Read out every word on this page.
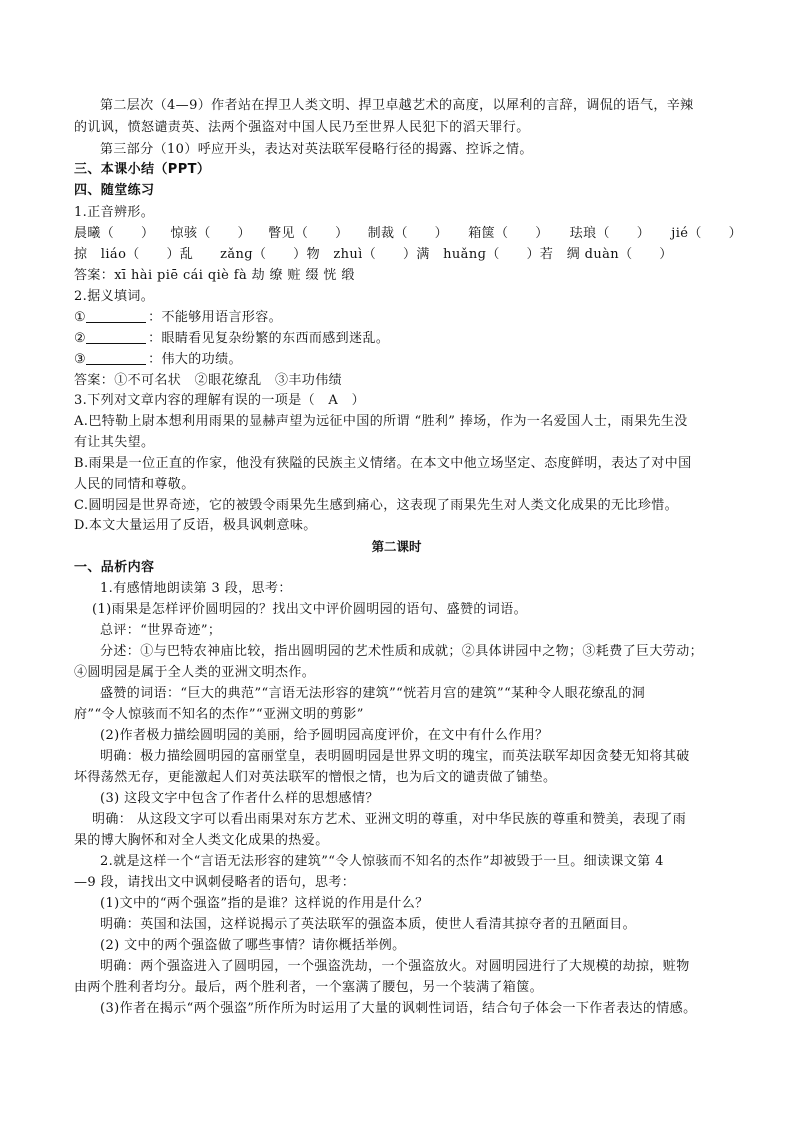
第二层次（4—9）作者站在捍卫人类文明、捍卫卓越艺术的高度，以犀利的言辞，调侃的语气，辛辣
的讥讽，愤怒谴责英、法两个强盗对中国人民乃至世界人民犯下的滔天罪行。
第三部分（10）呼应开头，表达对英法联军侵略行径的揭露、控诉之情。
三、本课小结（PPT）
四、随堂练习
1.正音辨形。
晨曦（　　） 惊骇（　　） 瞥见（　　） 制裁（　　） 箱箧（　　） 珐琅（　　） jié（　　）
掠　liáo（　　）乱　　zǎnɡ（　　）物　zhuì（　　）满　huǎnɡ（　　）若　绸 duàn（　　）
答案：xī hài piē cái qiè fà 劫 缭 赃 缀 恍 缎
2.据义填词。
①	：不能够用语言形容。
②	：眼睛看见复杂纷繁的东西而感到迷乱。
③	：伟大的功绩。
答案：①不可名状　②眼花缭乱　③丰功伟绩
3.下列对文章内容的理解有误的一项是（　A　）
A.巴特勒上尉本想利用雨果的显赫声望为远征中国的所谓 “胜利” 捧场，作为一名爱国人士，雨果先生没
有让其失望。
B.雨果是一位正直的作家，他没有狭隘的民族主义情绪。在本文中他立场坚定、态度鲜明，表达了对中国
人民的同情和尊敬。
C.圆明园是世界奇迹，它的被毁令雨果先生感到痛心，这表现了雨果先生对人类文化成果的无比珍惜。
D.本文大量运用了反语，极具讽刺意味。
第二课时
一、品析内容
1.有感情地朗读第 3 段，思考：
(1)雨果是怎样评价圆明园的？找出文中评价圆明园的语句、盛赞的词语。
总评：“世界奇迹”；
分述：①与巴特农神庙比较，指出圆明园的艺术性质和成就；②具体讲园中之物；③耗费了巨大劳动；
④圆明园是属于全人类的亚洲文明杰作。
盛赞的词语：“巨大的典范”“言语无法形容的建筑”“恍若月宫的建筑”“某种令人眼花缭乱的洞
府”“令人惊骇而不知名的杰作”“亚洲文明的剪影”
(2)作者极力描绘圆明园的美丽，给予圆明园高度评价，在文中有什么作用？
明确：极力描绘圆明园的富丽堂皇，表明圆明园是世界文明的瑰宝，而英法联军却因贪婪无知将其破
坏得荡然无存，更能激起人们对英法联军的憎恨之情，也为后文的谴责做了铺垫。
(3) 这段文字中包含了作者什么样的思想感情？
明确： 从这段文字可以看出雨果对东方艺术、亚洲文明的尊重，对中华民族的尊重和赞美，表现了雨
果的博大胸怀和对全人类文化成果的热爱。
2.就是这样一个“言语无法形容的建筑”“令人惊骇而不知名的杰作”却被毁于一旦。细读课文第 4
—9 段，请找出文中讽刺侵略者的语句，思考：
(1)文中的“两个强盗”指的是谁？这样说的作用是什么？
明确：英国和法国，这样说揭示了英法联军的强盗本质，使世人看清其掠夺者的丑陋面目。
(2) 文中的两个强盗做了哪些事情？请你概括举例。
明确：两个强盗进入了圆明园，一个强盗洗劫，一个强盗放火。对圆明园进行了大规模的劫掠，赃物
由两个胜利者均分。最后，两个胜利者，一个塞满了腰包，另一个装满了箱箧。
(3)作者在揭示“两个强盗”所作所为时运用了大量的讽刺性词语，结合句子体会一下作者表达的情感。
